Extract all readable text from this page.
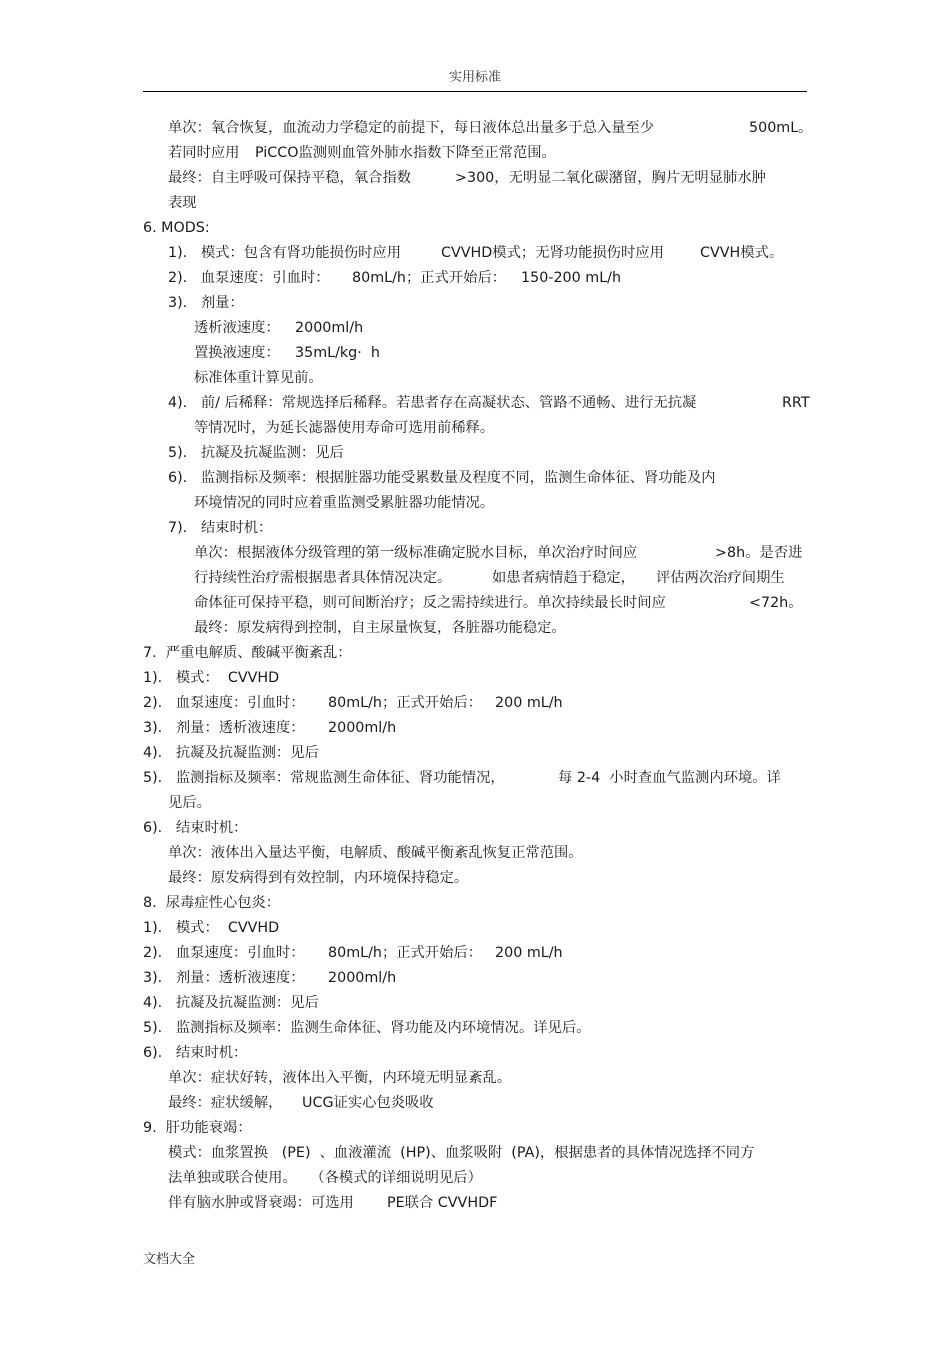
实用标准
单次：氧合恢复，血流动力学稳定的前提下，每日液体总出量多于总入量至少	500mL。
若同时应用 PiCCO监测则血管外肺水指数下降至正常范围。
最终：自主呼吸可保持平稳，氧合指数	>300，无明显二氧化碳潴留，胸片无明显肺水肿
表现
6. MODS:
1).   模式：包含有肾功能损伤时应用	CVVHD模式；无肾功能损伤时应用	CVVH模式。
2).   血泵速度：引血时： 80mL/h；正式开始后： 150-200 mL/h
3).   剂量：
透析液速度： 2000ml/h
置换液速度： 35mL/kg·  h
标准体重计算见前。
4).   前/ 后稀释：常规选择后稀释。若患者存在高凝状态、管路不通畅、进行无抗凝	RRT
等情况时，为延长滤器使用寿命可选用前稀释。
5).   抗凝及抗凝监测：见后
6).   监测指标及频率：根据脏器功能受累数量及程度不同，监测生命体征、肾功能及内
环境情况的同时应着重监测受累脏器功能情况。
7).   结束时机：
单次：根据液体分级管理的第一级标准确定脱水目标，单次治疗时间应	>8h。是否进
行持续性治疗需根据患者具体情况决定。	如患者病情趋于稳定， 评估两次治疗间期生
命体征可保持平稳，则可间断治疗；反之需持续进行。单次持续最长时间应	<72h。
最终：原发病得到控制，自主尿量恢复，各脏器功能稳定。
7.  严重电解质、酸碱平衡紊乱：
1).   模式：  CVVHD
2).   血泵速度：引血时： 80mL/h；正式开始后： 200 mL/h
3).   剂量：透析液速度： 2000ml/h
4).   抗凝及抗凝监测：见后
5).   监测指标及频率：常规监测生命体征、肾功能情况，	每 2-4  小时查血气监测内环境。详
见后。
6).   结束时机：
单次：液体出入量达平衡，电解质、酸碱平衡紊乱恢复正常范围。
最终：原发病得到有效控制，内环境保持稳定。
8.  尿毒症性心包炎：
1).   模式：  CVVHD
2).   血泵速度：引血时： 80mL/h；正式开始后： 200 mL/h
3).   剂量：透析液速度： 2000ml/h
4).   抗凝及抗凝监测：见后
5).   监测指标及频率：监测生命体征、肾功能及内环境情况。详见后。
6).   结束时机：
单次：症状好转，液体出入平衡，内环境无明显紊乱。
最终：症状缓解， UCG证实心包炎吸收
9.  肝功能衰竭：
模式：血浆置换   (PE)  、血液灌流  (HP)、血浆吸附  (PA)，根据患者的具体情况选择不同方
法单独或联合使用。   （各模式的详细说明见后）
伴有脑水肿或肾衰竭：可选用 PE联合 CVVHDF
文档大全
